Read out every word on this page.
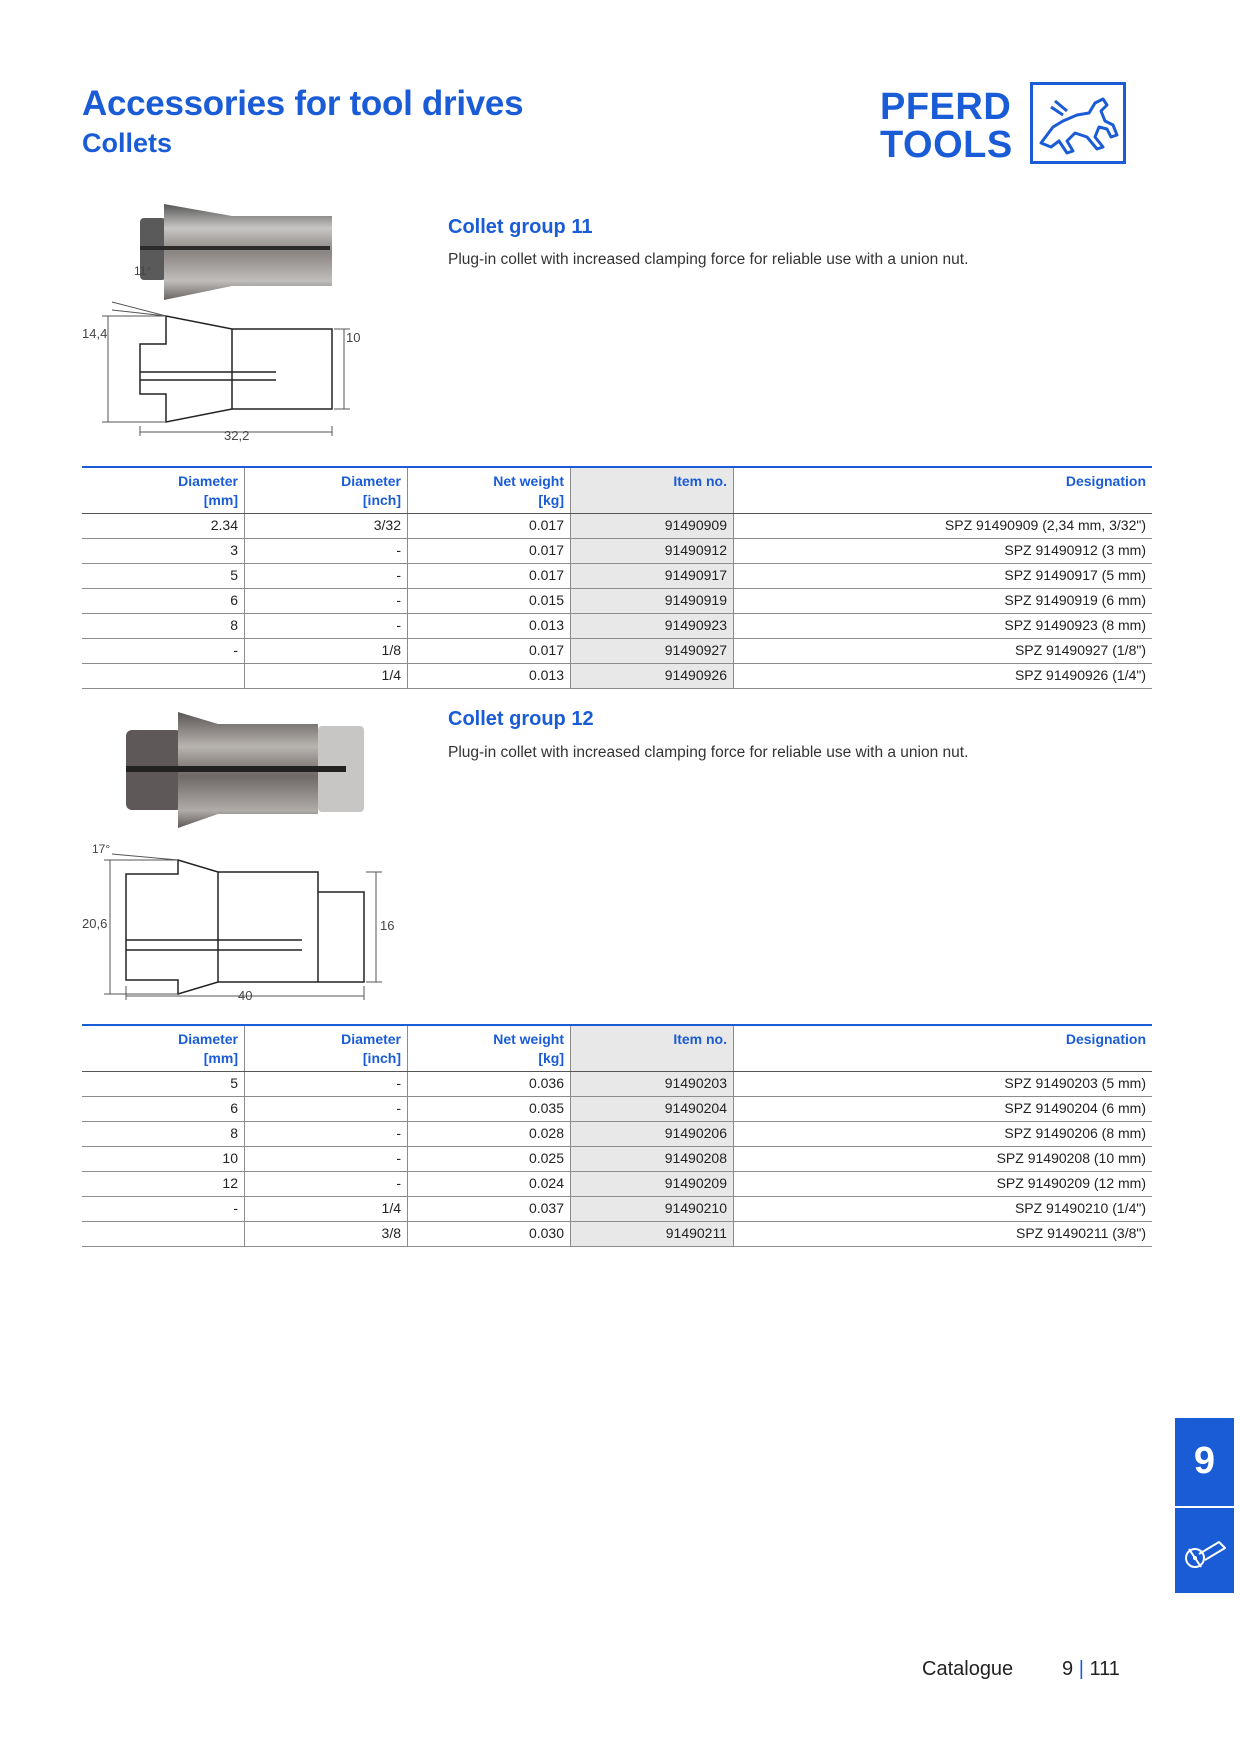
Accessories for tool drives
Collets
PFERD
TOOLS
Collet group 11

Plug-in collet with increased clamping force for reliable use with a union nut.

11°
14,4	10
32,2
Diameter
[mm]	Diameter
[inch]	Net weight
[kg]	Item no.	Designation
2.34	3/32	0.017	91490909	SPZ 91490909 (2,34 mm, 3/32")
3	-	0.017	91490912	SPZ 91490912 (3 mm)
5	-	0.017	91490917	SPZ 91490917 (5 mm)
6	-	0.015	91490919	SPZ 91490919 (6 mm)
8	-	0.013	91490923	SPZ 91490923 (8 mm)
-	1/8	0.017	91490927	SPZ 91490927 (1/8")
	1/4	0.013	91490926	SPZ 91490926 (1/4")
Collet group 12

Plug-in collet with increased clamping force for reliable use with a union nut.

17°
20,6	16
40
Diameter
[mm]	Diameter
[inch]	Net weight
[kg]	Item no.	Designation
5	-	0.036	91490203	SPZ 91490203 (5 mm)
6	-	0.035	91490204	SPZ 91490204 (6 mm)
8	-	0.028	91490206	SPZ 91490206 (8 mm)
10	-	0.025	91490208	SPZ 91490208 (10 mm)
12	-	0.024	91490209	SPZ 91490209 (12 mm)
-	1/4	0.037	91490210	SPZ 91490210 (1/4")
	3/8	0.030	91490211	SPZ 91490211 (3/8")
9
Catalogue 9 | 111
